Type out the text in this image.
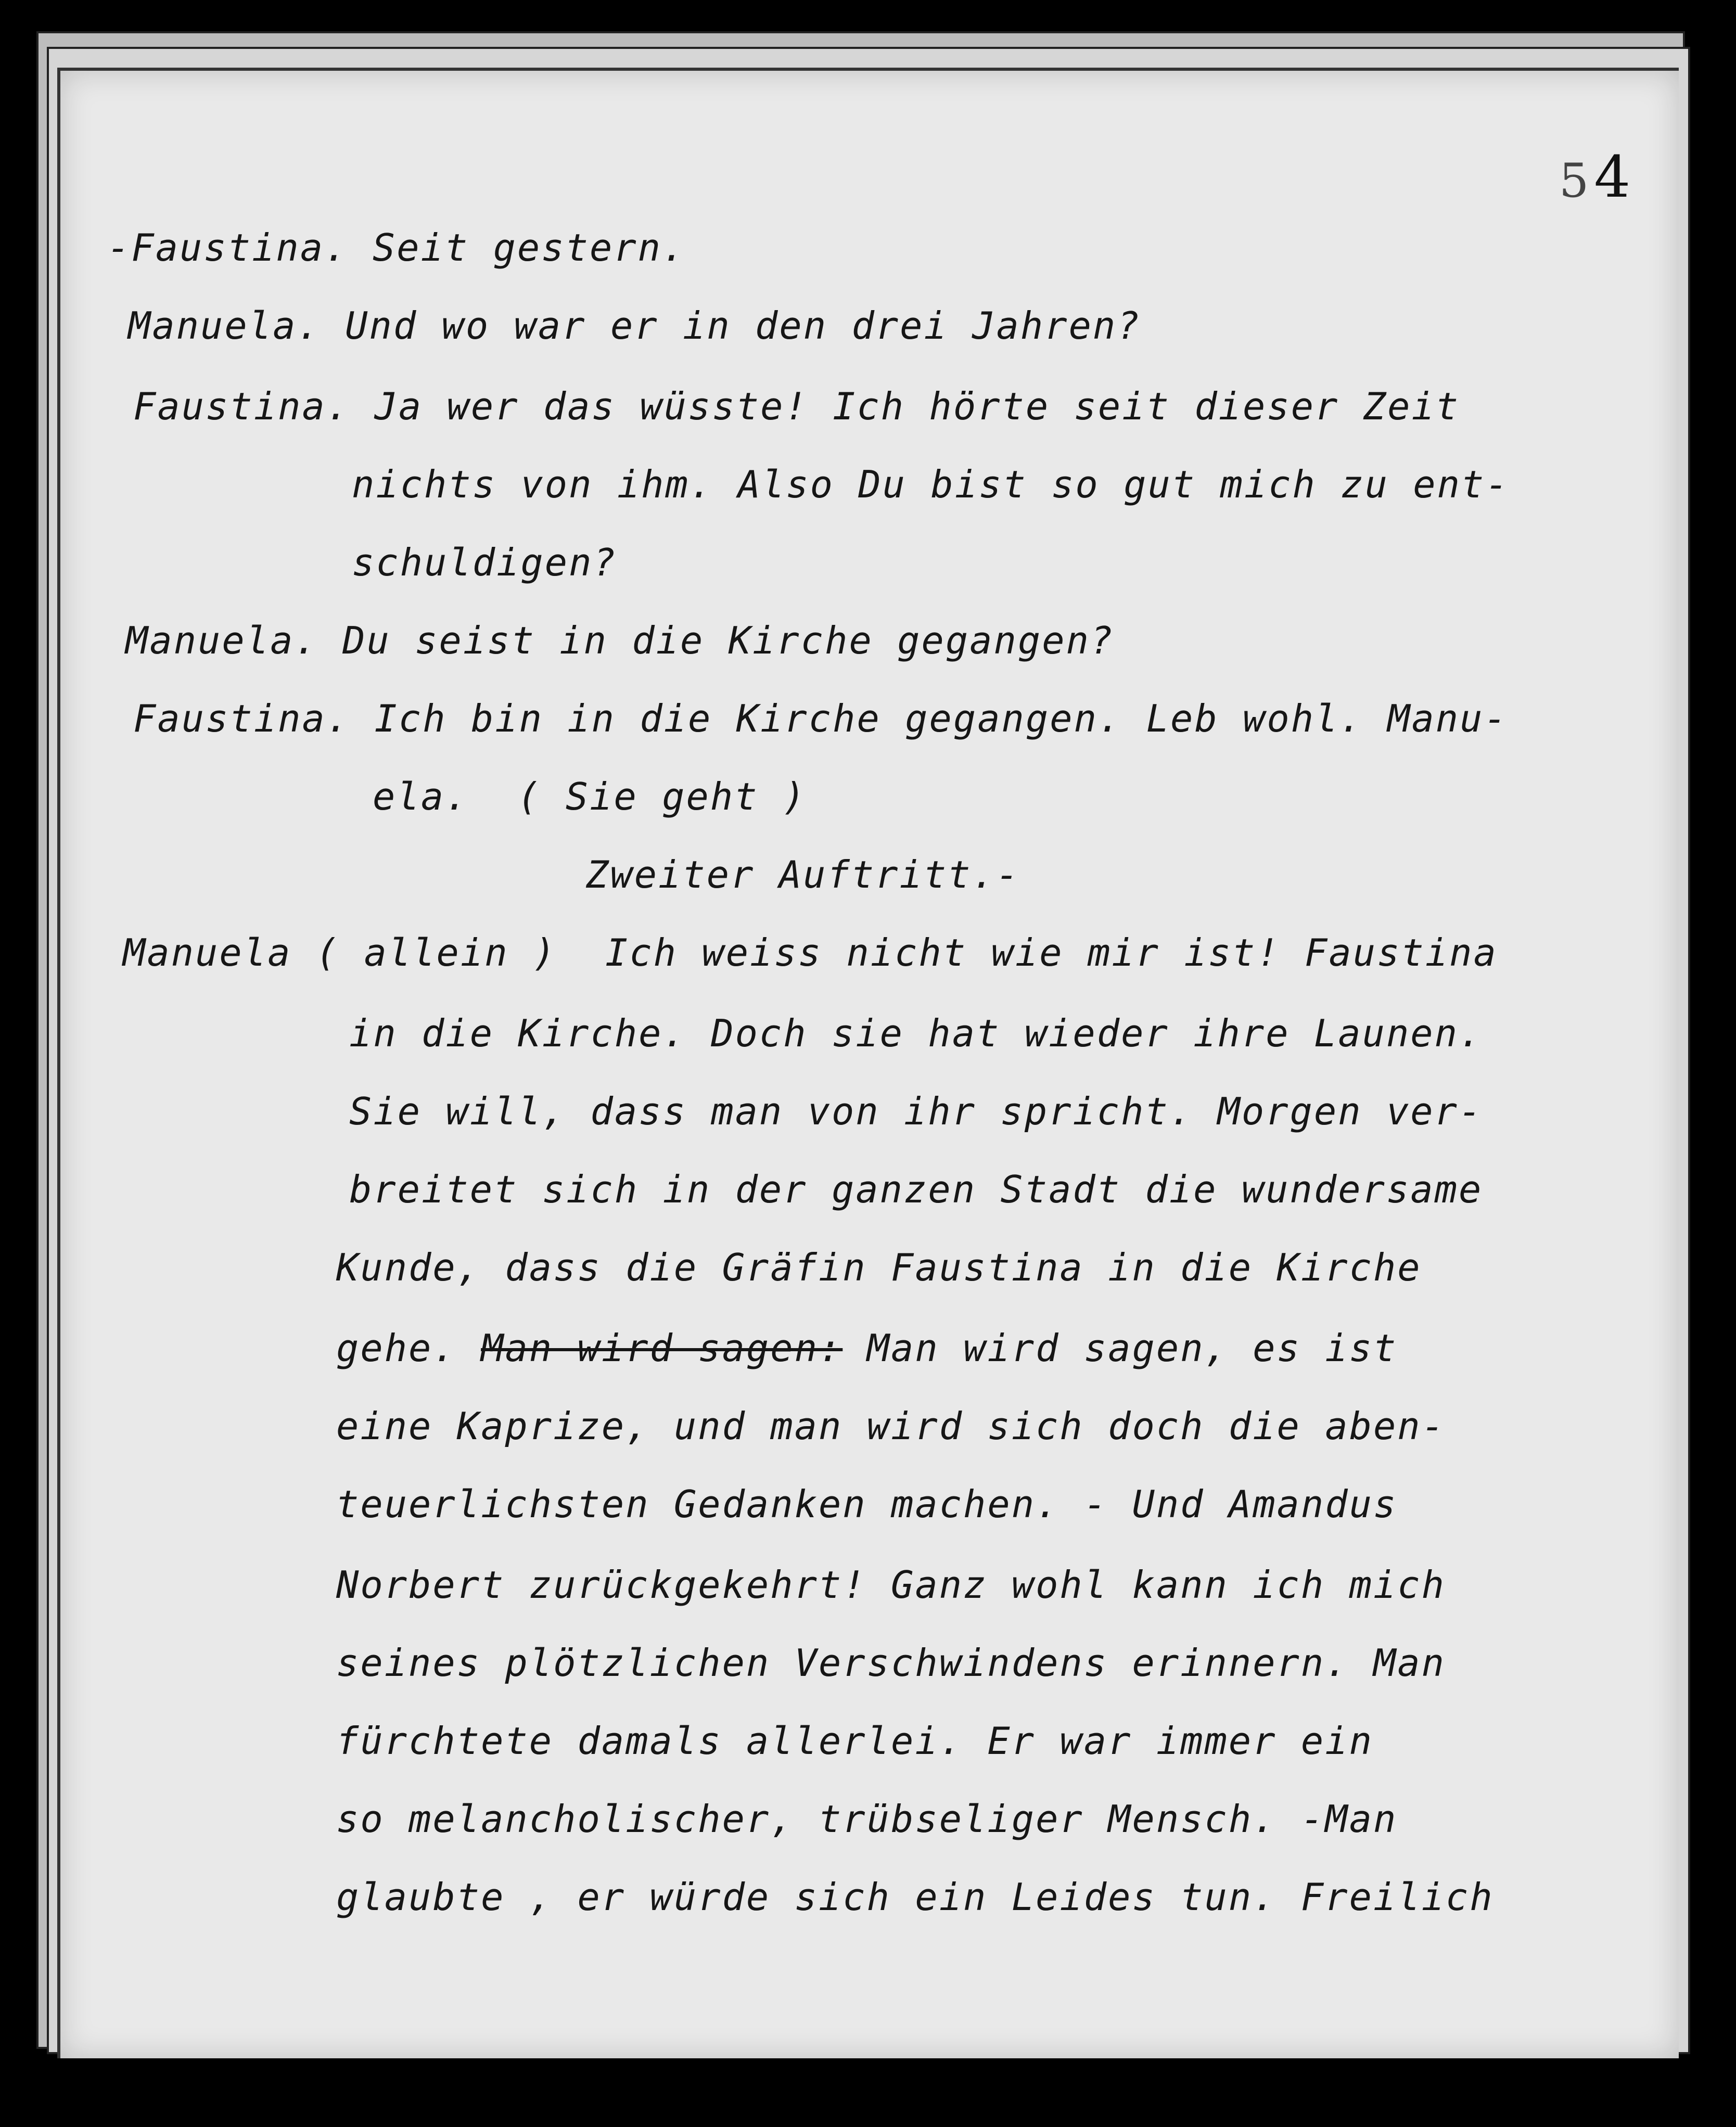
54
-Faustina. Seit gestern.
Manuela. Und wo war er in den drei Jahren?
Faustina. Ja wer das wüsste! Ich hörte seit dieser Zeit
nichts von ihm. Also Du bist so gut mich zu ent-
schuldigen?
Manuela. Du seist in die Kirche gegangen?
Faustina. Ich bin in die Kirche gegangen. Leb wohl. Manu-
ela.  ( Sie geht )
Zweiter Auftritt.-
Manuela ( allein )  Ich weiss nicht wie mir ist! Faustina
in die Kirche. Doch sie hat wieder ihre Launen.
Sie will, dass man von ihr spricht. Morgen ver-
breitet sich in der ganzen Stadt die wundersame
Kunde, dass die Gräfin Faustina in die Kirche
gehe. Man wird sagen: Man wird sagen, es ist
eine Kaprize, und man wird sich doch die aben-
teuerlichsten Gedanken machen. - Und Amandus
Norbert zurückgekehrt! Ganz wohl kann ich mich
seines plötzlichen Verschwindens erinnern. Man
fürchtete damals allerlei. Er war immer ein
so melancholischer, trübseliger Mensch. -Man
glaubte , er würde sich ein Leides tun. Freilich
